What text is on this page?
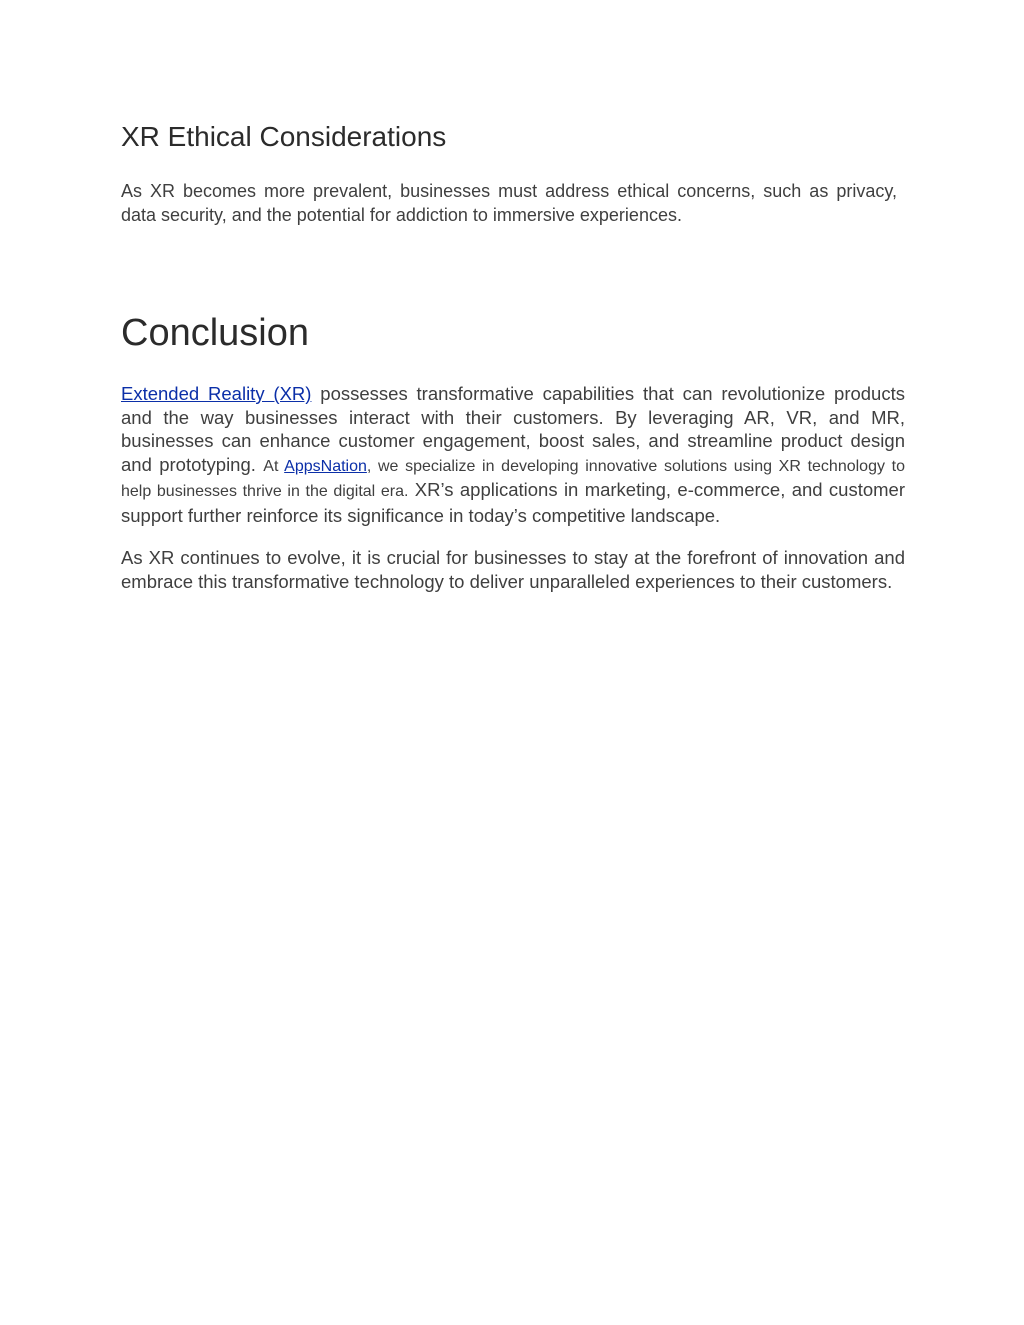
XR Ethical Considerations

As XR becomes more prevalent, businesses must address ethical concerns, such as privacy, data security, and the potential for addiction to immersive experiences.

Conclusion

Extended Reality (XR) possesses transformative capabilities that can revolutionize products and the way businesses interact with their customers. By leveraging AR, VR, and MR, businesses can enhance customer engagement, boost sales, and streamline product design and prototyping. At AppsNation, we specialize in developing innovative solutions using XR technology to help businesses thrive in the digital era. XR’s applications in marketing, e-commerce, and customer support further reinforce its significance in today’s competitive landscape.

As XR continues to evolve, it is crucial for businesses to stay at the forefront of innovation and embrace this transformative technology to deliver unparalleled experiences to their customers.
